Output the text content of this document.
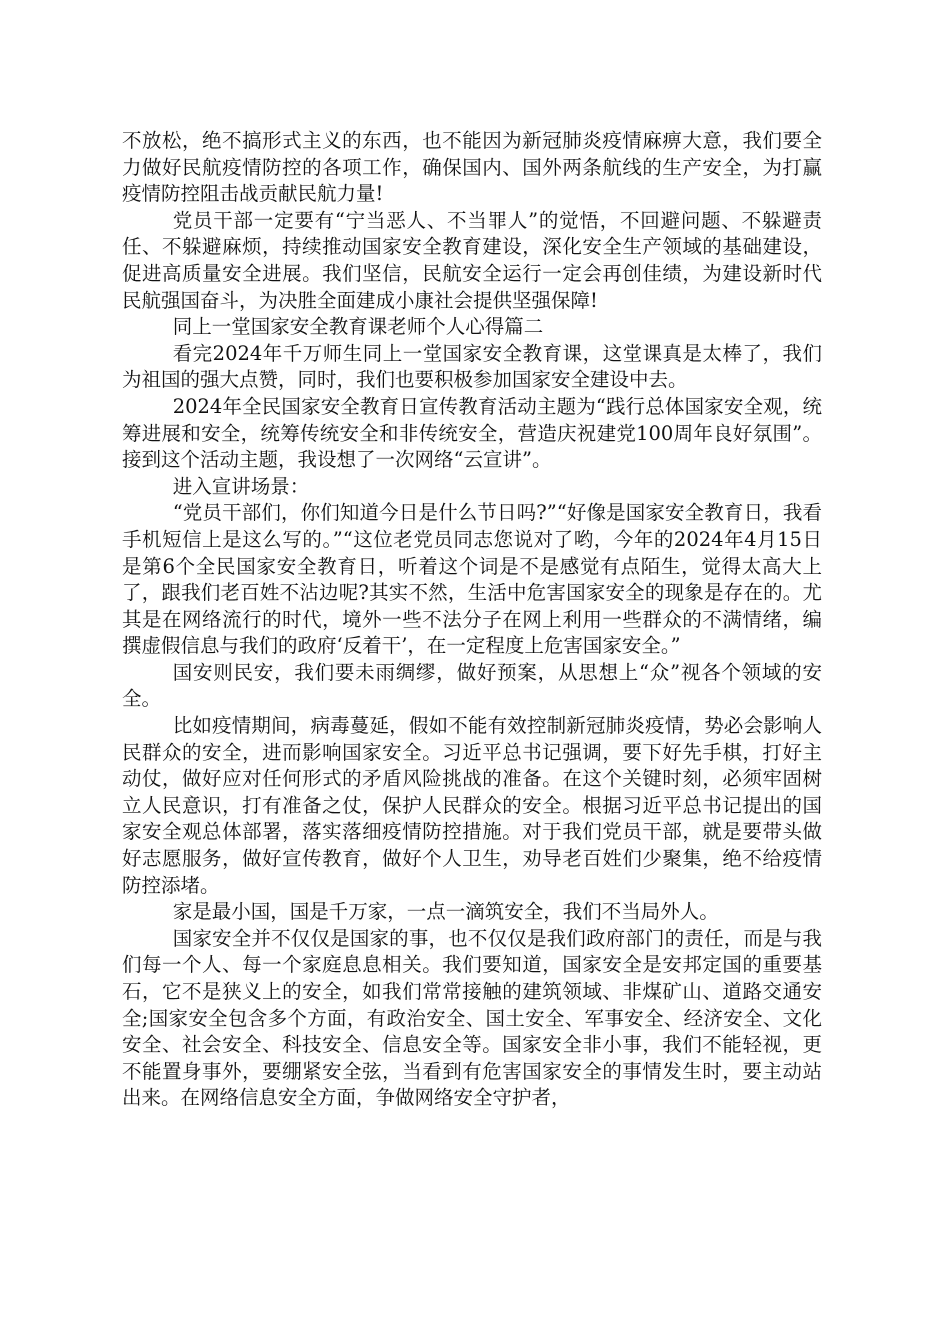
不放松，绝不搞形式主义的东西，也不能因为新冠肺炎疫情麻痹大意，我们要全力做好民航疫情防控的各项工作，确保国内、国外两条航线的生产安全，为打赢疫情防控阻击战贡献民航力量!

党员干部一定要有“宁当恶人、不当罪人”的觉悟，不回避问题、不躲避责任、不躲避麻烦，持续推动国家安全教育建设，深化安全生产领域的基础建设，促进高质量安全进展。我们坚信，民航安全运行一定会再创佳绩，为建设新时代民航强国奋斗，为决胜全面建成小康社会提供坚强保障!

同上一堂国家安全教育课老师个人心得篇二

看完2024年千万师生同上一堂国家安全教育课，这堂课真是太棒了，我们为祖国的强大点赞，同时，我们也要积极参加国家安全建设中去。

2024年全民国家安全教育日宣传教育活动主题为“践行总体国家安全观，统筹进展和安全，统筹传统安全和非传统安全，营造庆祝建党100周年良好氛围”。接到这个活动主题，我设想了一次网络“云宣讲”。

进入宣讲场景：

“党员干部们，你们知道今日是什么节日吗?”“好像是国家安全教育日，我看手机短信上是这么写的。”“这位老党员同志您说对了哟，今年的2024年4月15日是第6个全民国家安全教育日，听着这个词是不是感觉有点陌生，觉得太高大上了，跟我们老百姓不沾边呢?其实不然，生活中危害国家安全的现象是存在的。尤其是在网络流行的时代，境外一些不法分子在网上利用一些群众的不满情绪，编撰虚假信息与我们的政府‘反着干’，在一定程度上危害国家安全。”

国安则民安，我们要未雨绸缪，做好预案，从思想上“众”视各个领域的安全。

比如疫情期间，病毒蔓延，假如不能有效控制新冠肺炎疫情，势必会影响人民群众的安全，进而影响国家安全。习近平总书记强调，要下好先手棋，打好主动仗，做好应对任何形式的矛盾风险挑战的准备。在这个关键时刻，必须牢固树立人民意识，打有准备之仗，保护人民群众的安全。根据习近平总书记提出的国家安全观总体部署，落实落细疫情防控措施。对于我们党员干部，就是要带头做好志愿服务，做好宣传教育，做好个人卫生，劝导老百姓们少聚集，绝不给疫情防控添堵。

家是最小国，国是千万家，一点一滴筑安全，我们不当局外人。

国家安全并不仅仅是国家的事，也不仅仅是我们政府部门的责任，而是与我们每一个人、每一个家庭息息相关。我们要知道，国家安全是安邦定国的重要基石，它不是狭义上的安全，如我们常常接触的建筑领域、非煤矿山、道路交通安全;国家安全包含多个方面，有政治安全、国土安全、军事安全、经济安全、文化安全、社会安全、科技安全、信息安全等。国家安全非小事，我们不能轻视，更不能置身事外，要绷紧安全弦，当看到有危害国家安全的事情发生时，要主动站出来。在网络信息安全方面，争做网络安全守护者，
